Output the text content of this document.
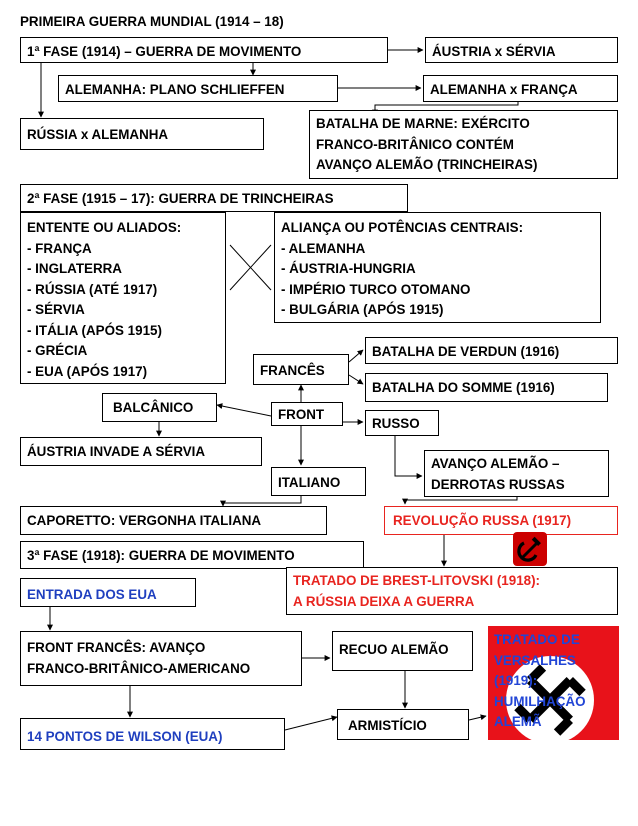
PRIMEIRA GUERRA MUNDIAL (1914 – 18)
1ª FASE (1914) – GUERRA DE MOVIMENTO	ÁUSTRIA x SÉRVIA
ALEMANHA: PLANO SCHLIEFFEN	ALEMANHA x FRANÇA
RÚSSIA x ALEMANHA
BATALHA DE MARNE: EXÉRCITO
FRANCO-BRITÂNICO CONTÉM
AVANÇO ALEMÃO (TRINCHEIRAS)
2ª FASE (1915 – 17): GUERRA DE TRINCHEIRAS
ENTENTE OU ALIADOS:
- FRANÇA
- INGLATERRA
- RÚSSIA (ATÉ 1917)
- SÉRVIA
- ITÁLIA (APÓS 1915)
- GRÉCIA
- EUA (APÓS 1917)
ALIANÇA OU POTÊNCIAS CENTRAIS:
- ALEMANHA
- ÁUSTRIA-HUNGRIA
- IMPÉRIO TURCO OTOMANO
- BULGÁRIA (APÓS 1915)
BATALHA DE VERDUN (1916)
FRANCÊS
BATALHA DO SOMME (1916)
BALCÂNICO	FRONT
RUSSO
ÁUSTRIA INVADE A SÉRVIA
AVANÇO ALEMÃO –
DERROTAS RUSSAS
ITALIANO
CAPORETTO: VERGONHA ITALIANA	REVOLUÇÃO RUSSA (1917)
3ª FASE (1918): GUERRA DE MOVIMENTO
ENTRADA DOS EUA
TRATADO DE BREST-LITOVSKI (1918):
A RÚSSIA DEIXA A GUERRA
FRONT FRANCÊS: AVANÇO
FRANCO-BRITÂNICO-AMERICANO
RECUO ALEMÃO
TRATADO DE
VERSALHES
(1919):
HUMILHAÇÃO
ALEMÃ
ARMISTÍCIO
14 PONTOS DE WILSON (EUA)
